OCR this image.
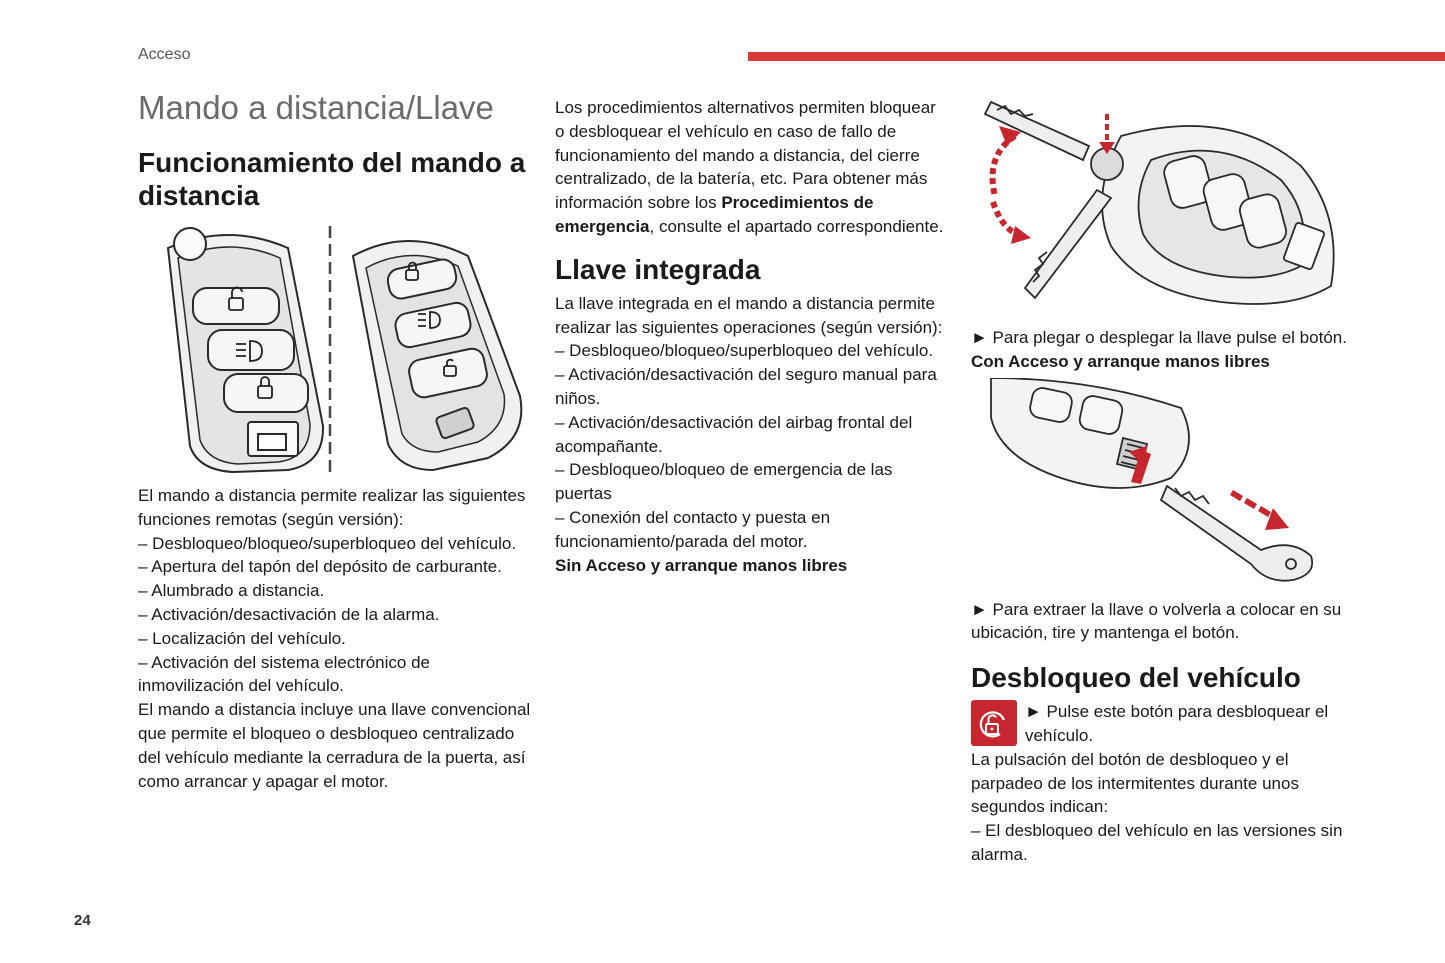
Acceso
Mando a distancia/Llave
Funcionamiento del mando a distancia

El mando a distancia permite realizar las siguientes funciones remotas (según versión):

– Desbloqueo/bloqueo/superbloqueo del vehículo.
– Apertura del tapón del depósito de carburante.
– Alumbrado a distancia.
– Activación/desactivación de la alarma.
– Localización del vehículo.
– Activación del sistema electrónico de inmovilización del vehículo.

El mando a distancia incluye una llave convencional que permite el bloqueo o desbloqueo centralizado del vehículo mediante la cerradura de la puerta, así como arrancar y apagar el motor.

Los procedimientos alternativos permiten bloquear o desbloquear el vehículo en caso de fallo de funcionamiento del mando a distancia, del cierre centralizado, de la batería, etc. Para obtener más información sobre los Procedimientos de emergencia, consulte el apartado correspondiente.

Llave integrada

La llave integrada en el mando a distancia permite realizar las siguientes operaciones (según versión):

– Desbloqueo/bloqueo/superbloqueo del vehículo.
– Activación/desactivación del seguro manual para niños.
– Activación/desactivación del airbag frontal del acompañante.
– Desbloqueo/bloqueo de emergencia de las puertas
– Conexión del contacto y puesta en funcionamiento/parada del motor.

Sin Acceso y arranque manos libres

► Para plegar o desplegar la llave pulse el botón.

Con Acceso y arranque manos libres

► Para extraer la llave o volverla a colocar en su ubicación, tire y mantenga el botón.

Desbloqueo del vehículo

► Pulse este botón para desbloquear el vehículo.

La pulsación del botón de desbloqueo y el parpadeo de los intermitentes durante unos segundos indican:

– El desbloqueo del vehículo en las versiones sin alarma.

24
